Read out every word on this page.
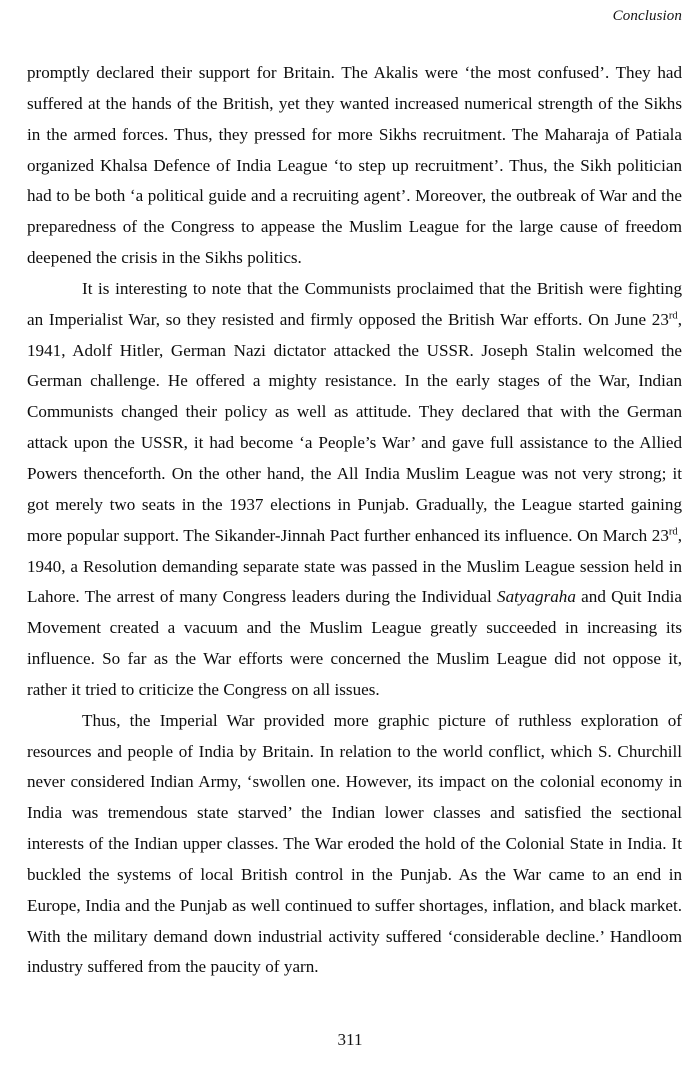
Conclusion

promptly declared their support for Britain. The Akalis were ‘the most confused’. They had suffered at the hands of the British, yet they wanted increased numerical strength of the Sikhs in the armed forces. Thus, they pressed for more Sikhs recruitment. The Maharaja of Patiala organized Khalsa Defence of India League ‘to step up recruitment’. Thus, the Sikh politician had to be both ‘a political guide and a recruiting agent’. Moreover, the outbreak of War and the preparedness of the Congress to appease the Muslim League for the large cause of freedom deepened the crisis in the Sikhs politics.

It is interesting to note that the Communists proclaimed that the British were fighting an Imperialist War, so they resisted and firmly opposed the British War efforts. On June 23rd, 1941, Adolf Hitler, German Nazi dictator attacked the USSR. Joseph Stalin welcomed the German challenge. He offered a mighty resistance. In the early stages of the War, Indian Communists changed their policy as well as attitude. They declared that with the German attack upon the USSR, it had become ‘a People’s War’ and gave full assistance to the Allied Powers thenceforth. On the other hand, the All India Muslim League was not very strong; it got merely two seats in the 1937 elections in Punjab. Gradually, the League started gaining more popular support. The Sikander-Jinnah Pact further enhanced its influence. On March 23rd, 1940, a Resolution demanding separate state was passed in the Muslim League session held in Lahore. The arrest of many Congress leaders during the Individual Satyagraha and Quit India Movement created a vacuum and the Muslim League greatly succeeded in increasing its influence. So far as the War efforts were concerned the Muslim League did not oppose it, rather it tried to criticize the Congress on all issues.

Thus, the Imperial War provided more graphic picture of ruthless exploration of resources and people of India by Britain. In relation to the world conflict, which S. Churchill never considered Indian Army, ‘swollen one. However, its impact on the colonial economy in India was tremendous state starved’ the Indian lower classes and satisfied the sectional interests of the Indian upper classes. The War eroded the hold of the Colonial State in India. It buckled the systems of local British control in the Punjab. As the War came to an end in Europe, India and the Punjab as well continued to suffer shortages, inflation, and black market. With the military demand down industrial activity suffered ‘considerable decline.’ Handloom industry suffered from the paucity of yarn.

311
